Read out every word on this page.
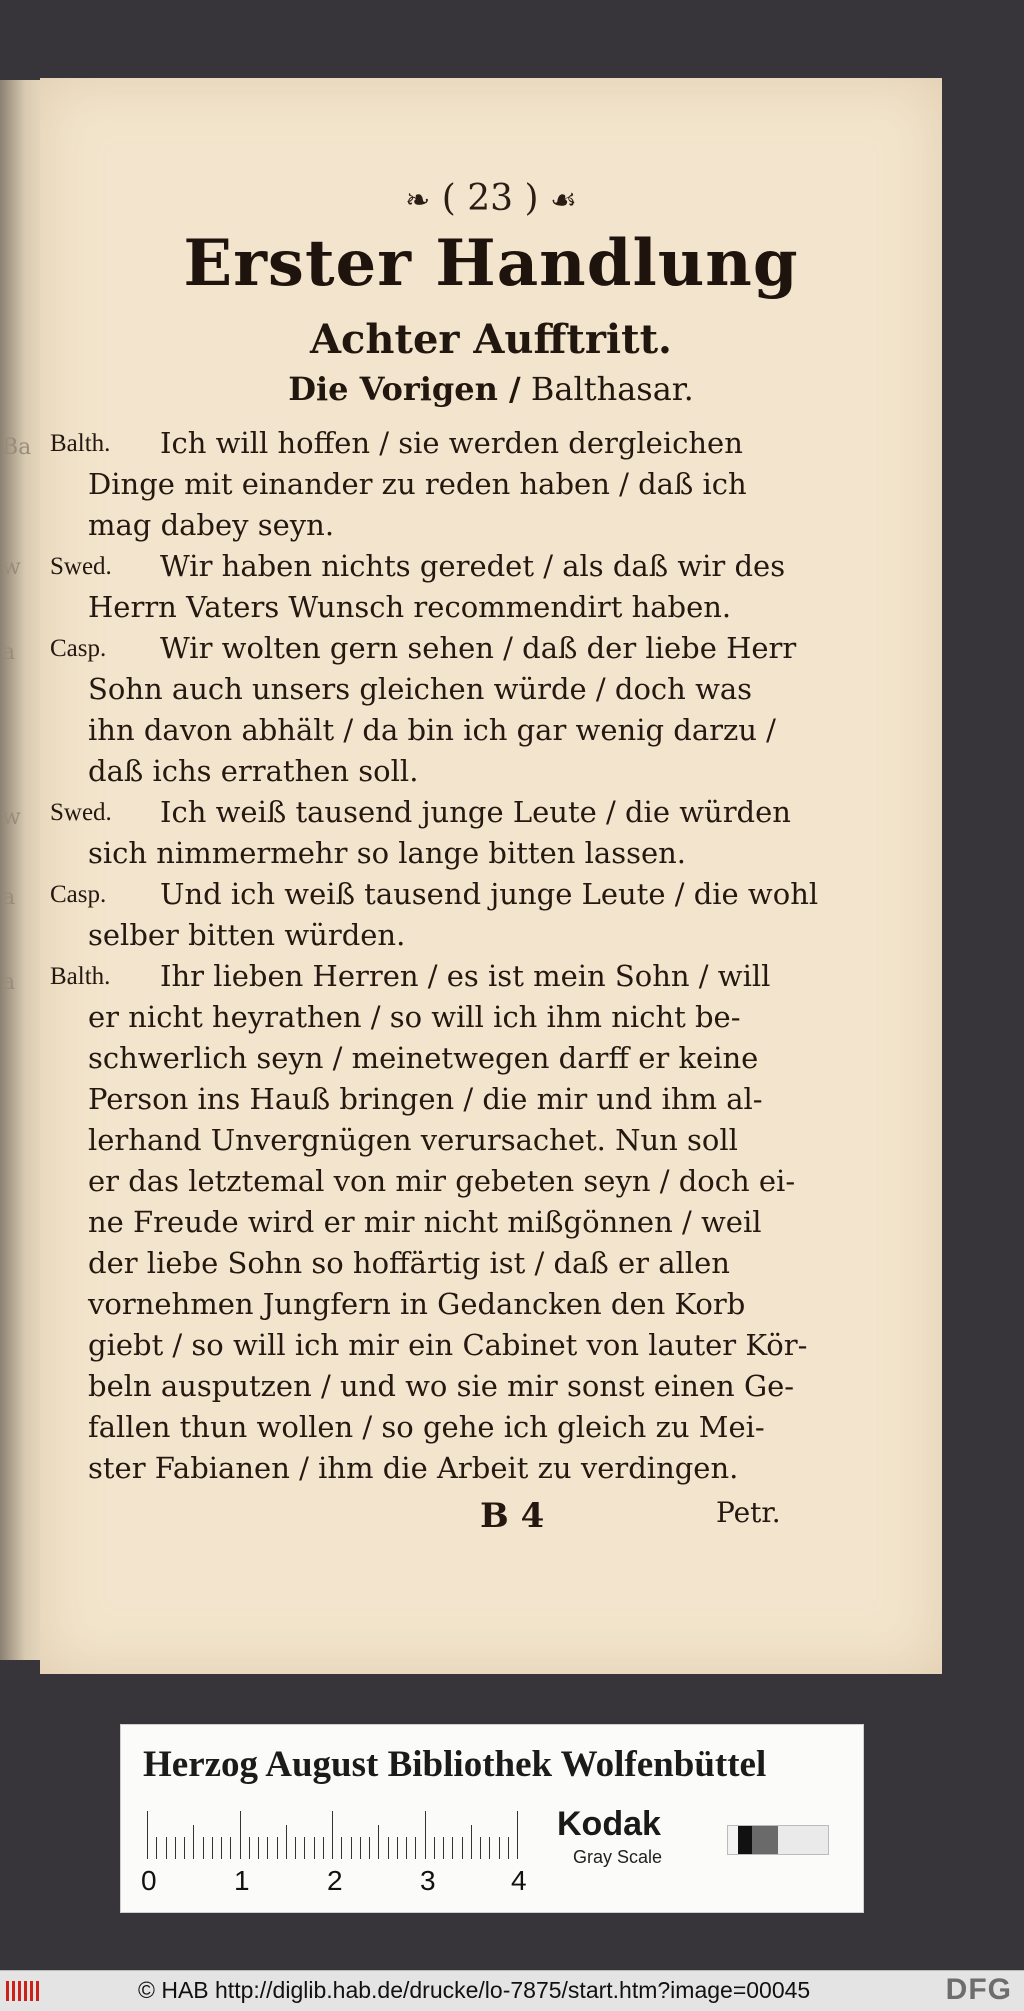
Ba
w
a
w
a
a
❧ ( 23 ) ☙
Erster Handlung
Achter Aufftritt.
Die Vorigen / Balthasar.
Balth. Ich will hoffen / sie werden dergleichen
Dinge mit einander zu reden haben / daß ich
mag dabey seyn.
Swed. Wir haben nichts geredet / als daß wir des
Herrn Vaters Wunsch recommendirt haben.
Casp. Wir wolten gern sehen / daß der liebe Herr
Sohn auch unsers gleichen würde / doch was
ihn davon abhält / da bin ich gar wenig darzu /
daß ichs errathen soll.
Swed. Ich weiß tausend junge Leute / die würden
sich nimmermehr so lange bitten lassen.
Casp. Und ich weiß tausend junge Leute / die wohl
selber bitten würden.
Balth. Ihr lieben Herren / es ist mein Sohn / will
er nicht heyrathen / so will ich ihm nicht be-
schwerlich seyn / meinetwegen darff er keine
Person ins Hauß bringen / die mir und ihm al-
lerhand Unvergnügen verursachet. Nun soll
er das letztemal von mir gebeten seyn / doch ei-
ne Freude wird er mir nicht mißgönnen / weil
der liebe Sohn so hoffärtig ist / daß er allen
vornehmen Jungfern in Gedancken den Korb
giebt / so will ich mir ein Cabinet von lauter Kör-
beln ausputzen / und wo sie mir sonst einen Ge-
fallen thun wollen / so gehe ich gleich zu Mei-
ster Fabianen / ihm die Arbeit zu verdingen.
B 4	Petr.
Herzog August Bibliothek Wolfenbüttel
0	1	2	3	4
Kodak
Gray Scale
© HAB http://diglib.hab.de/drucke/lo-7875/start.htm?image=00045	DFG
